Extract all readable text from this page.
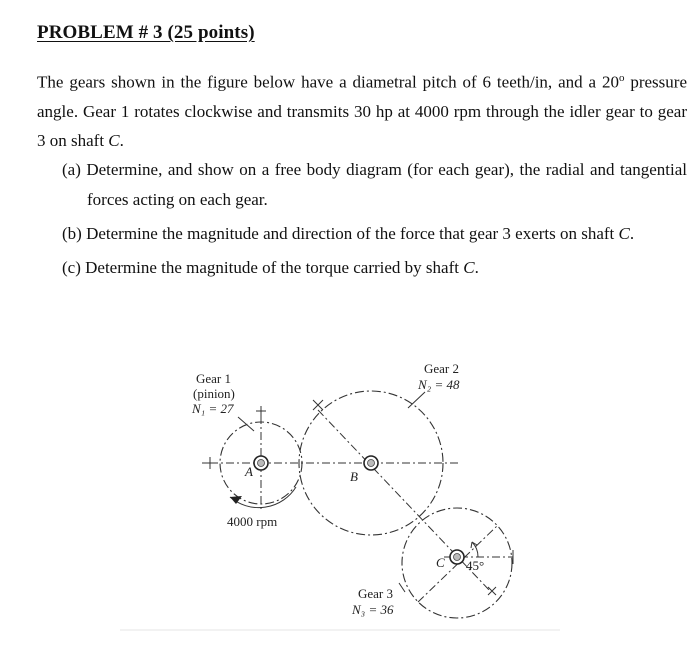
PROBLEM # 3 (25 points)

The gears shown in the figure below have a diametral pitch of 6 teeth/in, and a 20$^o$ pressure angle. Gear 1 rotates clockwise and transmits 30 hp at 4000 rpm through the idler gear to gear 3 on shaft C.

(a) Determine, and show on a free body diagram (for each gear), the radial and tangential forces acting on each gear.
(b) Determine the magnitude and direction of the force that gear 3 exerts on shaft C.
(c) Determine the magnitude of the torque carried by shaft C.
Gear 1
(pinion)
N₁ = 27
A
4000 rpm
Gear 2
N₂ = 48
B
C 45°
Gear 3
N₃ = 36
